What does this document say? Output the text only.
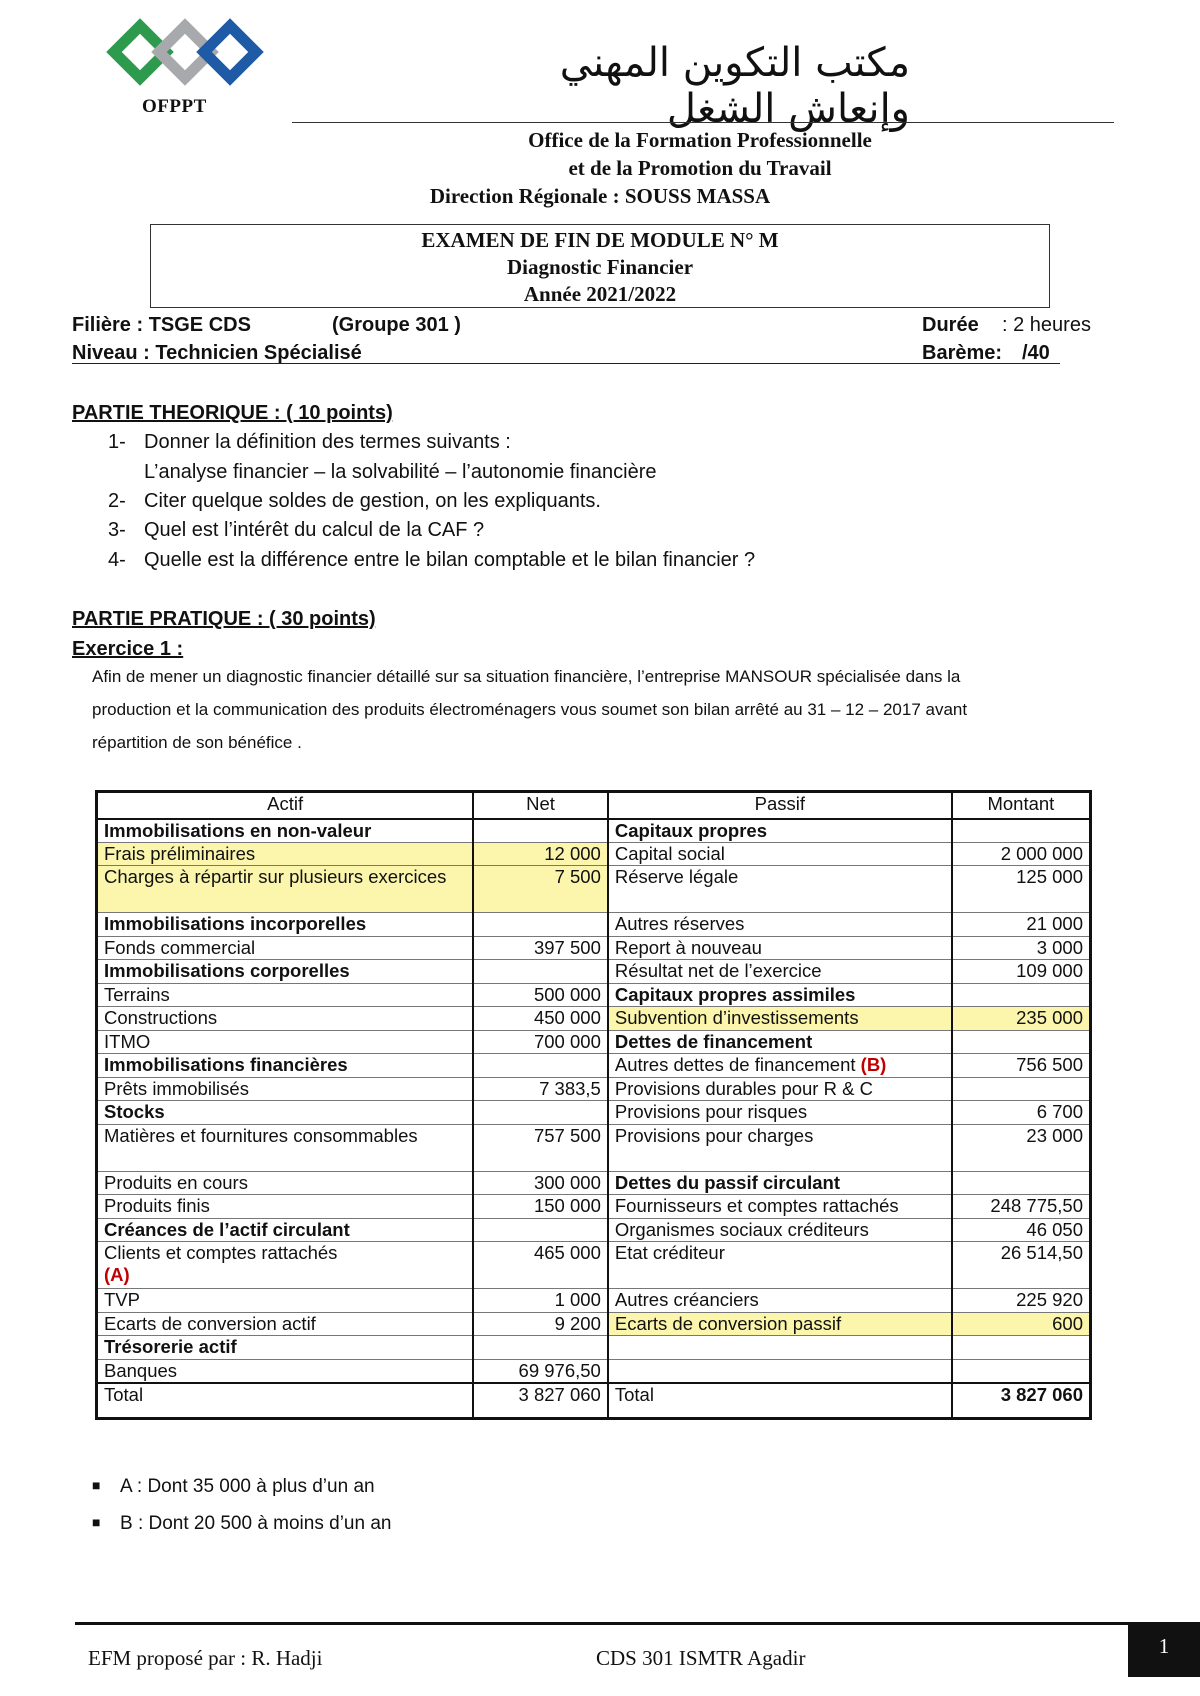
OFPPT
مكتب التكوين المهني وإنعاش الشغل
Office de la Formation Professionnelle
et de la Promotion du Travail
Direction Régionale : SOUSS MASSA
EXAMEN DE FIN DE MODULE N° M
Diagnostic Financier
Année 2021/2022
Filière : TSGE CDS	(Groupe 301 )	Durée : 2 heures
Niveau : Technicien Spécialisé	Barème: /40
PARTIE THEORIQUE : ( 10 points)
1- Donner la définition des termes suivants :
L’analyse financier – la solvabilité – l’autonomie financière
2- Citer quelque soldes de gestion, on les expliquants.
3- Quel est l’intérêt du calcul de la CAF ?
4- Quelle est la différence entre le bilan comptable et le bilan financier ?
PARTIE PRATIQUE : ( 30 points)
Exercice 1 :
Afin de mener un diagnostic financier détaillé sur sa situation financière, l’entreprise MANSOUR spécialisée dans la
production et la communication des produits électroménagers vous soumet son bilan arrêté au 31 – 12 – 2017 avant
répartition de son bénéfice .
Actif	Net	Passif	Montant
Immobilisations en non-valeur		Capitaux propres	
Frais préliminaires	12 000	Capital social	2 000 000
Charges à répartir sur plusieurs exercices	7 500	Réserve légale	125 000
Immobilisations incorporelles		Autres réserves	21 000
Fonds commercial	397 500	Report à nouveau	3 000
Immobilisations corporelles		Résultat net de l’exercice	109 000
Terrains	500 000	Capitaux propres assimiles	
Constructions	450 000	Subvention d’investissements	235 000
ITMO	700 000	Dettes de financement	
Immobilisations financières		Autres dettes de financement (B)	756 500
Prêts immobilisés	7 383,5	Provisions durables pour R & C	
Stocks		Provisions pour risques	6 700
Matières et fournitures consommables	757 500	Provisions pour charges	23 000
Produits en cours	300 000	Dettes du passif circulant	
Produits finis	150 000	Fournisseurs et comptes rattachés	248 775,50
Créances de l’actif circulant		Organismes sociaux créditeurs	46 050
Clients et comptes rattachés
(A)	465 000	Etat créditeur	26 514,50
TVP	1 000	Autres créanciers	225 920
Ecarts de conversion actif	9 200	Ecarts de conversion passif	600
Trésorerie actif			
Banques	69 976,50		
Total	3 827 060	Total	3 827 060
■ A : Dont 35 000 à plus d’un an
■ B : Dont 20 500 à moins d’un an
EFM proposé par : R. Hadji	CDS 301 ISMTR Agadir	1
